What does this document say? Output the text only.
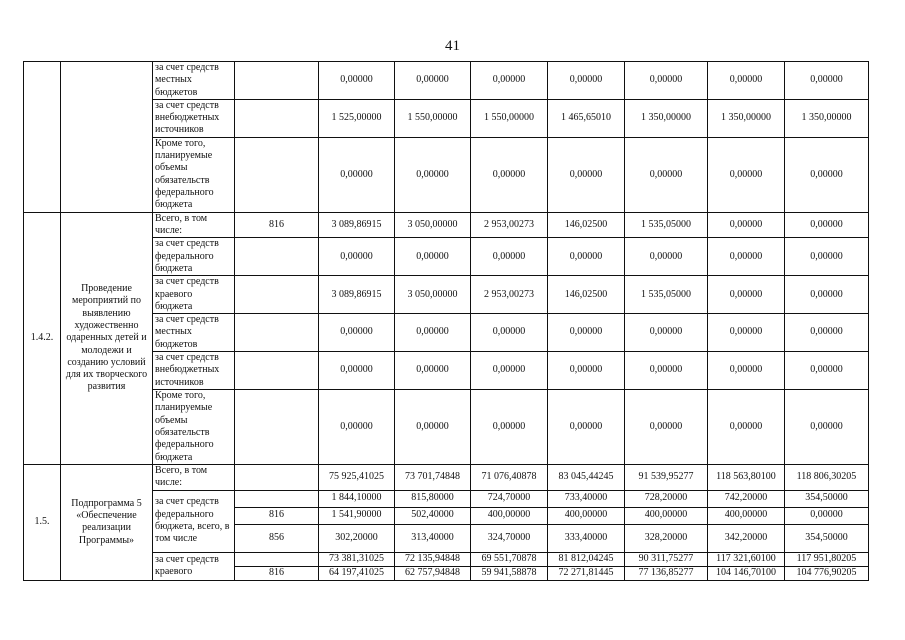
41

		за счет средств местных бюджетов		0,00000	0,00000	0,00000	0,00000	0,00000	0,00000	0,00000

		за счет средств внебюджетных источников		1 525,00000	1 550,00000	1 550,00000	1 465,65010	1 350,00000	1 350,00000	1 350,00000

		Кроме того, планируемые объемы обязательств федерального бюджета		0,00000	0,00000	0,00000	0,00000	0,00000	0,00000	0,00000
1.4.2.	Проведение мероприятий по выявлению художественно одаренных детей и молодежи и созданию условий для их творческого развития	Всего, в том числе:	816	3 089,86915	3 050,00000	2 953,00273	146,02500	1 535,05000	0,00000	0,00000

		за счет средств федерального бюджета		0,00000	0,00000	0,00000	0,00000	0,00000	0,00000	0,00000

		за счет средств краевого бюджета		3 089,86915	3 050,00000	2 953,00273	146,02500	1 535,05000	0,00000	0,00000

		за счет средств местных бюджетов		0,00000	0,00000	0,00000	0,00000	0,00000	0,00000	0,00000

		за счет средств внебюджетных источников		0,00000	0,00000	0,00000	0,00000	0,00000	0,00000	0,00000

		Кроме того, планируемые объемы обязательств федерального бюджета		0,00000	0,00000	0,00000	0,00000	0,00000	0,00000	0,00000
1.5.	Подпрограмма 5 «Обеспечение реализации Программы»	Всего, в том числе:		75 925,41025	73 701,74848	71 076,40878	83 045,44245	91 539,95277	118 563,80100	118 806,30205

		за счет средств федерального бюджета, всего, в том числе		1 844,10000	815,80000	724,70000	733,40000	728,20000	742,20000	354,50000
			816	1 541,90000	502,40000	400,00000	400,00000	400,00000	400,00000	0,00000
			856	302,20000	313,40000	324,70000	333,40000	328,20000	342,20000	354,50000

		за счет средств краевого		73 381,31025	72 135,94848	69 551,70878	81 812,04245	90 311,75277	117 321,60100	117 951,80205
			816	64 197,41025	62 757,94848	59 941,58878	72 271,81445	77 136,85277	104 146,70100	104 776,90205
